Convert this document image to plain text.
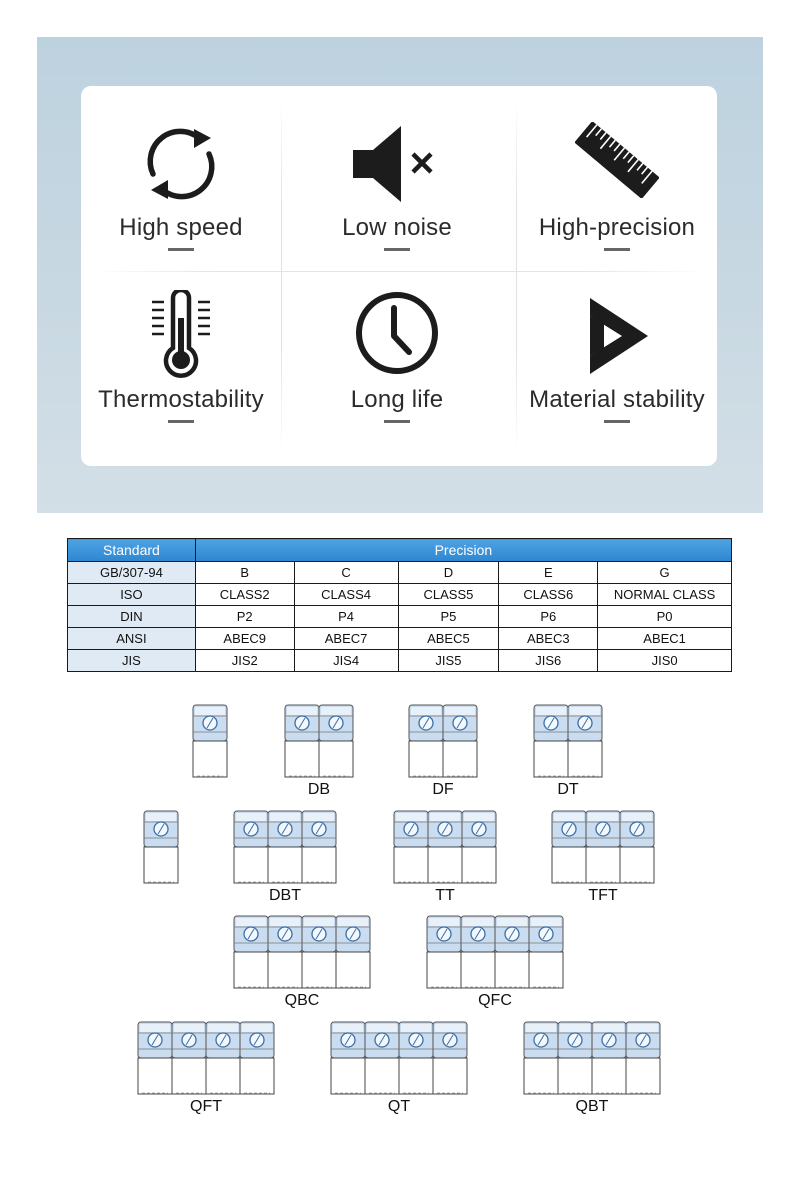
High speed	Low noise	High-precision
Thermostability	Long life	Material stability
Standard	Precision				
GB/307-94	B	C	D	E	G
ISO	CLASS2	CLASS4	CLASS5	CLASS6	NORMAL CLASS
DIN	P2	P4	P5	P6	P0
ANSI	ABEC9	ABEC7	ABEC5	ABEC3	ABEC1
JIS	JIS2	JIS4	JIS5	JIS6	JIS0
DB	DF	DT
DBT	TT	TFT
QBC	QFC
QFT	QT	QBT
